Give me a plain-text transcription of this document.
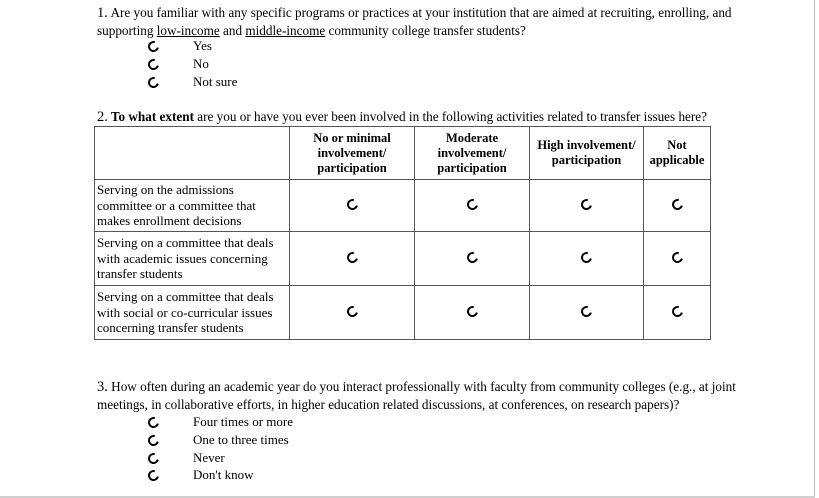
1. Are you familiar with any specific programs or practices at your institution that are aimed at recruiting, enrolling, and supporting low-income and middle-income community college transfer students?
Yes
No
Not sure
2. To what extent are you or have you ever been involved in the following activities related to transfer issues here?
	No or minimal involvement/ participation	Moderate involvement/ participation	High involvement/ participation	Not applicable
Serving on the admissions committee or a committee that makes enrollment decisions				
Serving on a committee that deals with academic issues concerning transfer students				
Serving on a committee that deals with social or co-curricular issues concerning transfer students				
3. How often during an academic year do you interact professionally with faculty from community colleges (e.g., at joint meetings, in collaborative efforts, in higher education related discussions, at conferences, on research papers)?
Four times or more
One to three times
Never
Don't know
